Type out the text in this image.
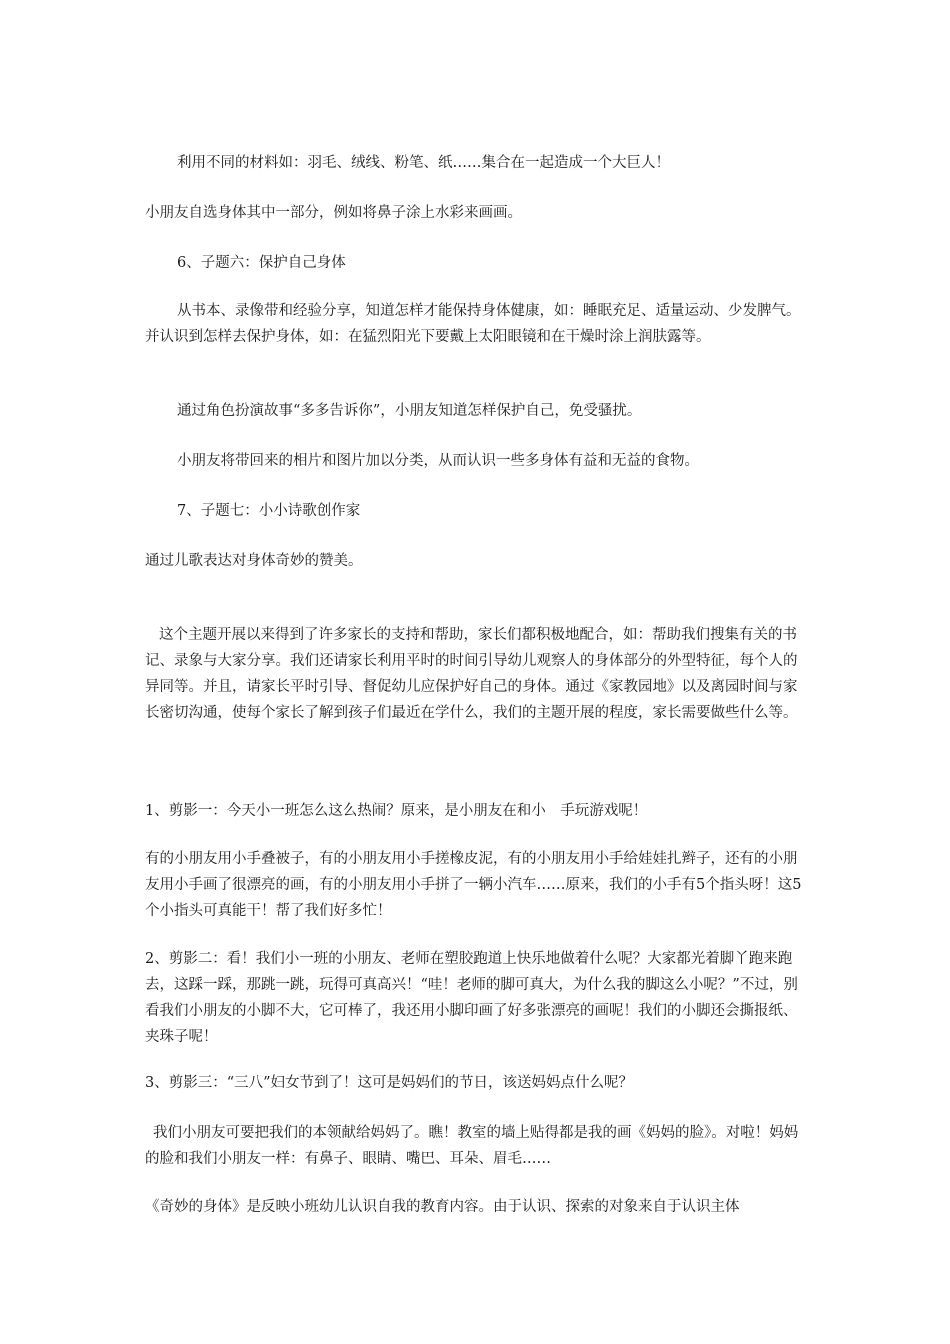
利用不同的材料如：羽毛、绒线、粉笔、纸……集合在一起造成一个大巨人！

小朋友自选身体其中一部分，例如将鼻子涂上水彩来画画。

6、子题六：保护自己身体

从书本、录像带和经验分享，知道怎样才能保持身体健康，如：睡眠充足、适量运动、少发脾气。并认识到怎样去保护身体，如：在猛烈阳光下要戴上太阳眼镜和在干燥时涂上润肤露等。

通过角色扮演故事“多多告诉你”，小朋友知道怎样保护自己，免受骚扰。

小朋友将带回来的相片和图片加以分类，从而认识一些多身体有益和无益的食物。

7、子题七：小小诗歌创作家

通过儿歌表达对身体奇妙的赞美。

这个主题开展以来得到了许多家长的支持和帮助，家长们都积极地配合，如：帮助我们搜集有关的书记、录象与大家分享。我们还请家长利用平时的时间引导幼儿观察人的身体部分的外型特征，每个人的异同等。并且，请家长平时引导、督促幼儿应保护好自己的身体。通过《家教园地》以及离园时间与家长密切沟通，使每个家长了解到孩子们最近在学什么，我们的主题开展的程度，家长需要做些什么等。

1、剪影一：今天小一班怎么这么热闹？原来，是小朋友在和小　手玩游戏呢！

有的小朋友用小手叠被子，有的小朋友用小手搓橡皮泥，有的小朋友用小手给娃娃扎辫子，还有的小朋友用小手画了很漂亮的画，有的小朋友用小手拼了一辆小汽车……原来，我们的小手有5个指头呀！这5个小指头可真能干！帮了我们好多忙！

2、剪影二：看！我们小一班的小朋友、老师在塑胶跑道上快乐地做着什么呢？大家都光着脚丫跑来跑去，这踩一踩，那跳一跳，玩得可真高兴！“哇！老师的脚可真大，为什么我的脚这么小呢？”不过，别看我们小朋友的小脚不大，它可棒了，我还用小脚印画了好多张漂亮的画呢！我们的小脚还会撕报纸、夹珠子呢！

3、剪影三：“三八”妇女节到了！这可是妈妈们的节日，该送妈妈点什么呢？

我们小朋友可要把我们的本领献给妈妈了。瞧！教室的墙上贴得都是我的画《妈妈的脸》。对啦！妈妈的脸和我们小朋友一样：有鼻子、眼睛、嘴巴、耳朵、眉毛……

《奇妙的身体》是反映小班幼儿认识自我的教育内容。由于认识、探索的对象来自于认识主体
